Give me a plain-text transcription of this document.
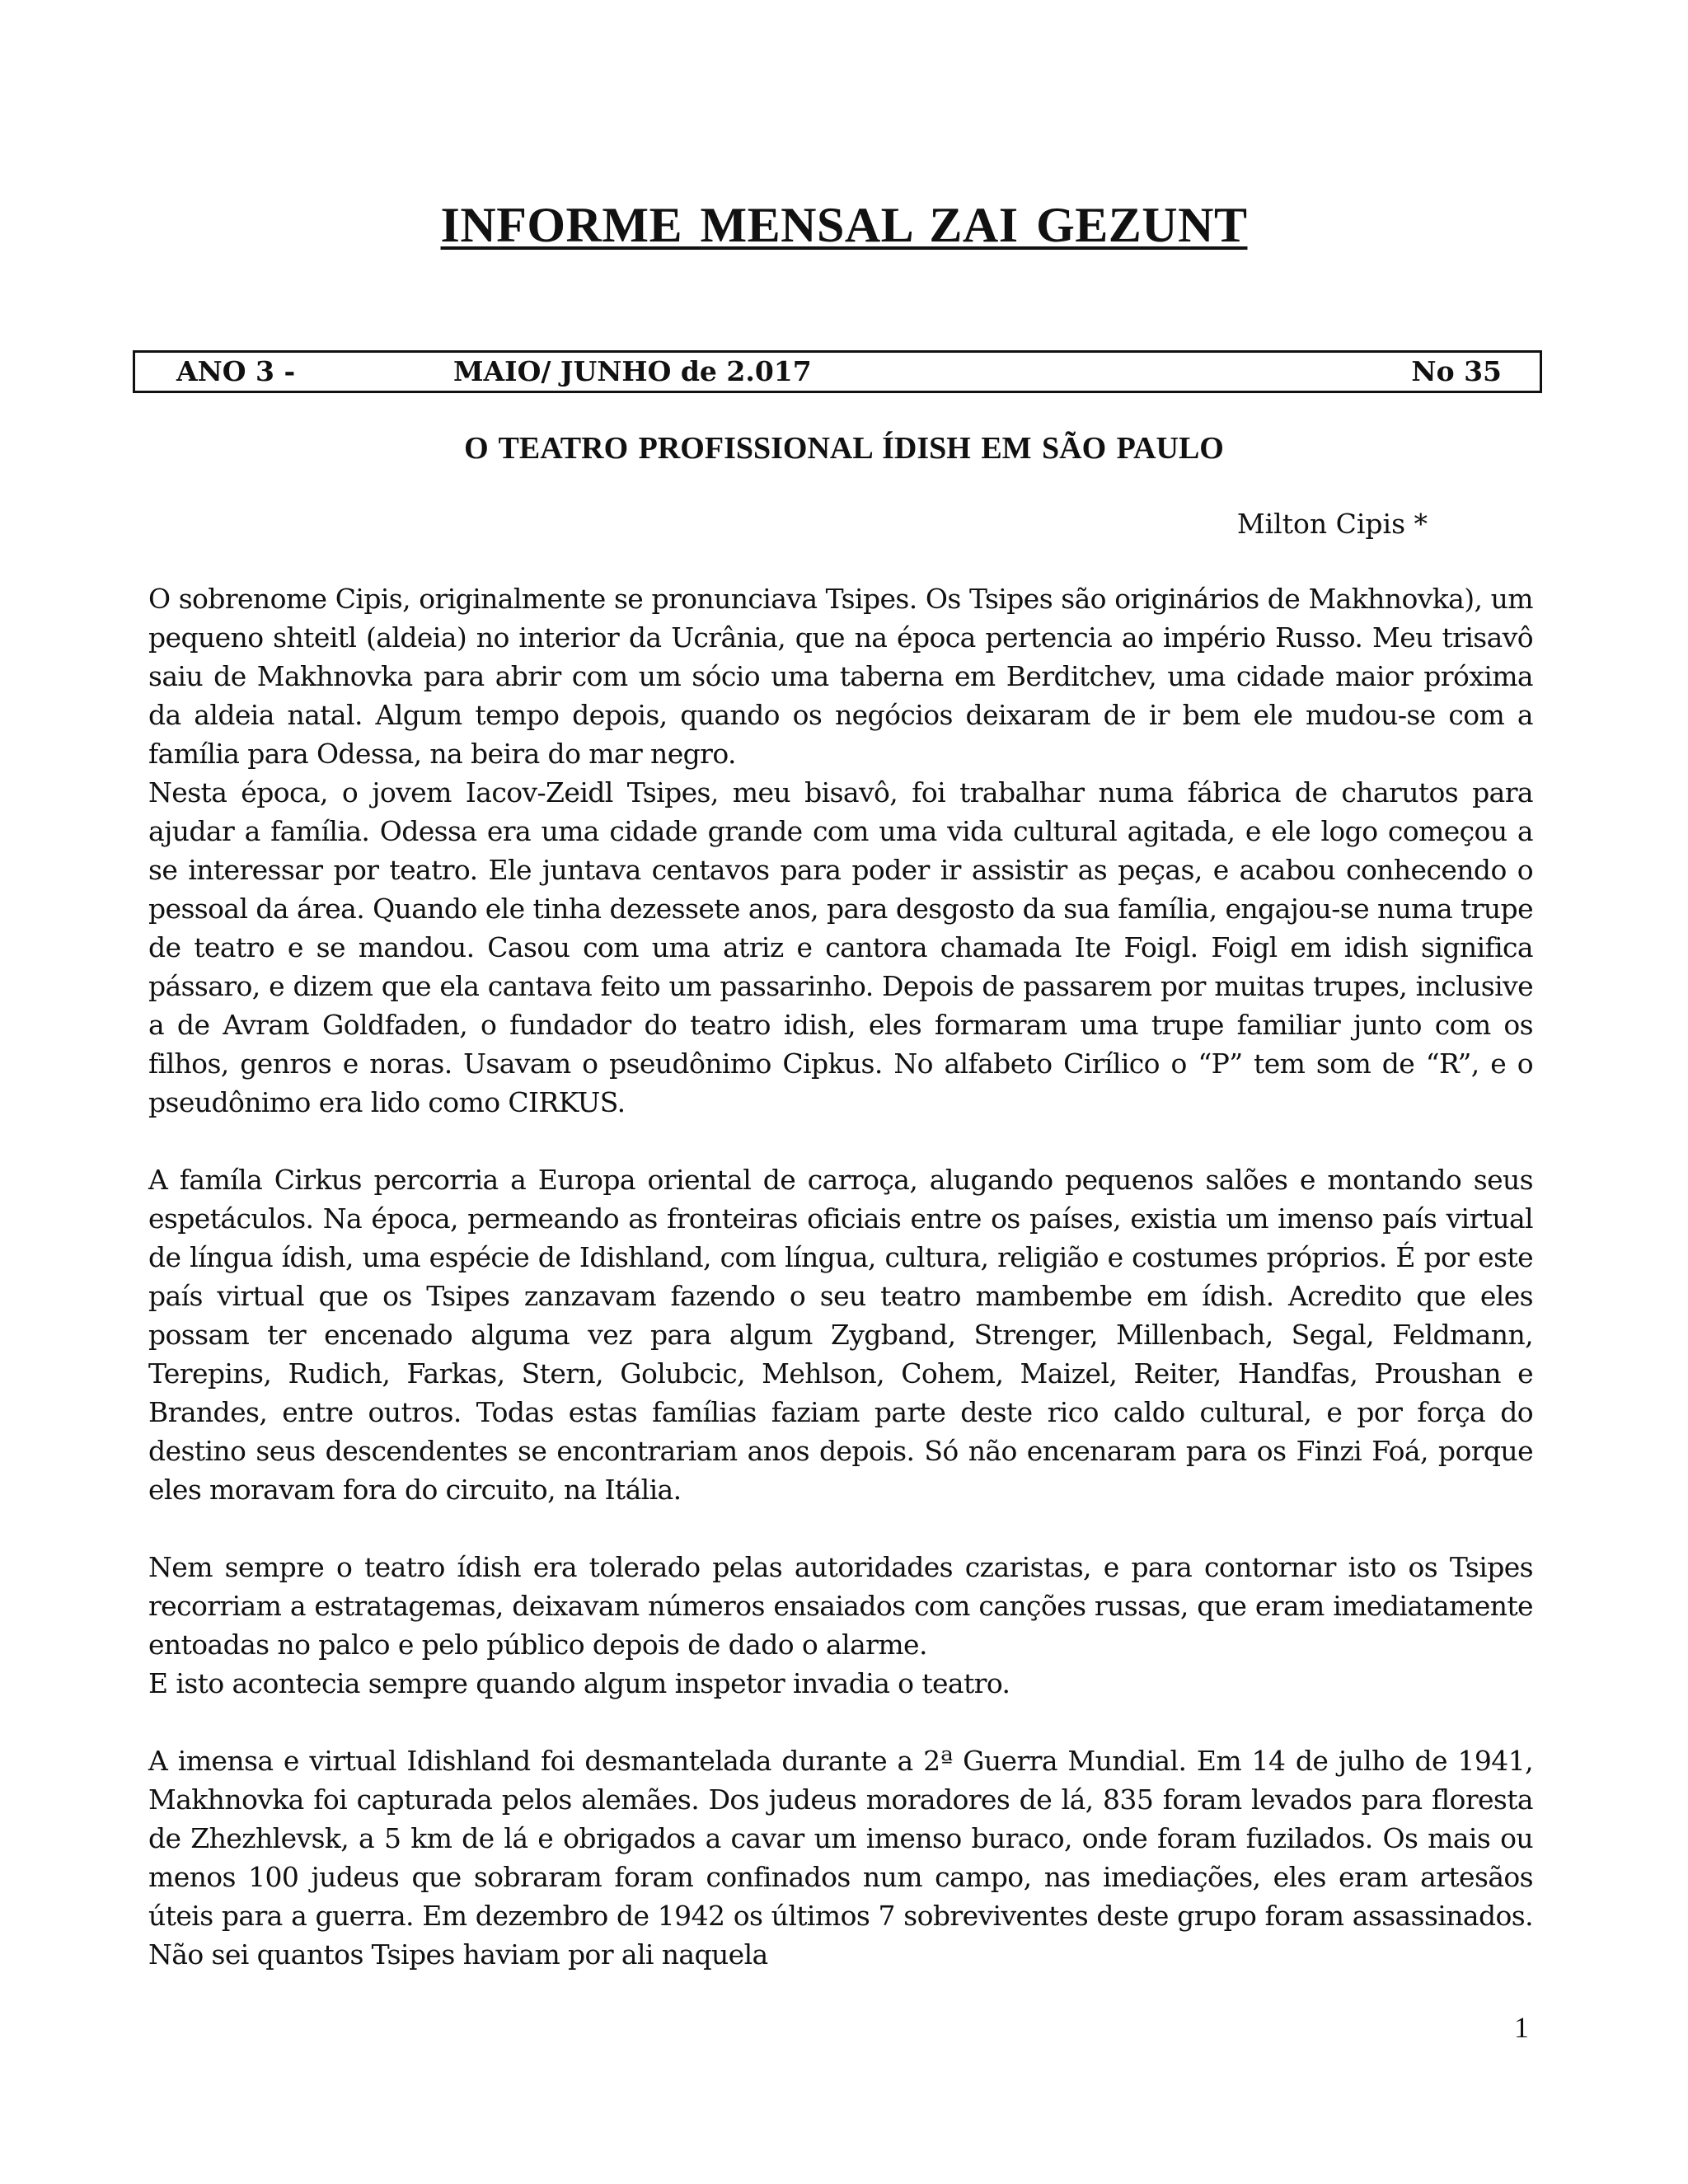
INFORME MENSAL ZAI GEZUNT
ANO 3 -	MAIO/ JUNHO de 2.017	No 35
O TEATRO PROFISSIONAL ÍDISH EM SÃO PAULO
Milton Cipis *

O sobrenome Cipis, originalmente se pronunciava Tsipes. Os Tsipes são originários de Makhnovka), um pequeno shteitl (aldeia) no interior da Ucrânia, que na época pertencia ao império Russo. Meu trisavô saiu de Makhnovka para abrir com um sócio uma taberna em Berditchev, uma cidade maior próxima da aldeia natal. Algum tempo depois, quando os negócios deixaram de ir bem ele mudou-se com a família para Odessa, na beira do mar negro.

Nesta época, o jovem Iacov-Zeidl Tsipes, meu bisavô, foi trabalhar numa fábrica de charutos para ajudar a família. Odessa era uma cidade grande com uma vida cultural agitada, e ele logo começou a se interessar por teatro. Ele juntava centavos para poder ir assistir as peças, e acabou conhecendo o pessoal da área. Quando ele tinha dezessete anos, para desgosto da sua família, engajou-se numa trupe de teatro e se mandou. Casou com uma atriz e cantora chamada Ite Foigl. Foigl em idish significa pássaro, e dizem que ela cantava feito um passarinho. Depois de passarem por muitas trupes, inclusive a de Avram Goldfaden, o fundador do teatro idish, eles formaram uma trupe familiar junto com os filhos, genros e noras. Usavam o pseudônimo Cipkus. No alfabeto Cirílico o “P” tem som de “R”, e o pseudônimo era lido como CIRKUS.

A famíla Cirkus percorria a Europa oriental de carroça, alugando pequenos salões e montando seus espetáculos. Na época, permeando as fronteiras oficiais entre os países, existia um imenso país virtual de língua ídish, uma espécie de Idishland, com língua, cultura, religião e costumes próprios. É por este país virtual que os Tsipes zanzavam fazendo o seu teatro mambembe em ídish. Acredito que eles possam ter encenado alguma vez para algum Zygband, Strenger, Millenbach, Segal, Feldmann, Terepins, Rudich, Farkas, Stern, Golubcic, Mehlson, Cohem, Maizel, Reiter, Handfas, Proushan e Brandes, entre outros. Todas estas famílias faziam parte deste rico caldo cultural, e por força do destino seus descendentes se encontrariam anos depois. Só não encenaram para os Finzi Foá, porque eles moravam fora do circuito, na Itália.

Nem sempre o teatro ídish era tolerado pelas autoridades czaristas, e para contornar isto os Tsipes recorriam a estratagemas, deixavam números ensaiados com canções russas, que eram imediatamente entoadas no palco e pelo público depois de dado o alarme.

E isto acontecia sempre quando algum inspetor invadia o teatro.

A imensa e virtual Idishland foi desmantelada durante a 2ª Guerra Mundial. Em 14 de julho de 1941, Makhnovka foi capturada pelos alemães. Dos judeus moradores de lá, 835 foram levados para floresta de Zhezhlevsk, a 5 km de lá e obrigados a cavar um imenso buraco, onde foram fuzilados. Os mais ou menos 100 judeus que sobraram foram confinados num campo, nas imediações, eles eram artesãos úteis para a guerra. Em dezembro de 1942 os últimos 7 sobreviventes deste grupo foram assassinados. Não sei quantos Tsipes haviam por ali naquela

1
